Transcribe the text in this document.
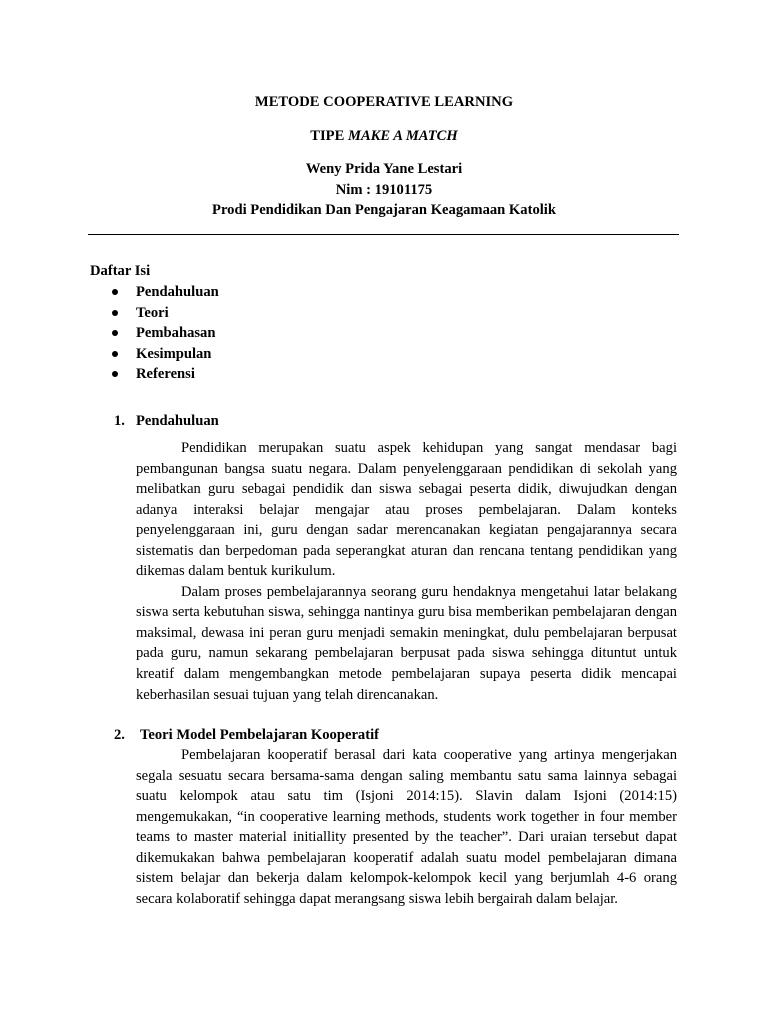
METODE COOPERATIVE LEARNING
TIPE MAKE A MATCH
Weny Prida Yane Lestari
Nim : 19101175
Prodi Pendidikan Dan Pengajaran Keagamaan Katolik
Daftar Isi
Pendahuluan
Teori
Pembahasan
Kesimpulan
Referensi
1. Pendahuluan

Pendidikan merupakan suatu aspek kehidupan yang sangat mendasar bagi pembangunan bangsa suatu negara. Dalam penyelenggaraan pendidikan di sekolah yang melibatkan guru sebagai pendidik dan siswa sebagai peserta didik, diwujudkan dengan adanya interaksi belajar mengajar atau proses pembelajaran. Dalam konteks penyelenggaraan ini, guru dengan sadar merencanakan kegiatan pengajarannya secara sistematis dan berpedoman pada seperangkat aturan dan rencana tentang pendidikan yang dikemas dalam bentuk kurikulum.

Dalam proses pembelajarannya seorang guru hendaknya mengetahui latar belakang siswa serta kebutuhan siswa, sehingga nantinya guru bisa memberikan pembelajaran dengan maksimal, dewasa ini peran guru menjadi semakin meningkat, dulu pembelajaran berpusat pada guru, namun sekarang pembelajaran berpusat pada siswa sehingga dituntut untuk kreatif dalam mengembangkan metode pembelajaran supaya peserta didik mencapai keberhasilan sesuai tujuan yang telah direncanakan.

2. Teori Model Pembelajaran Kooperatif

Pembelajaran kooperatif berasal dari kata cooperative yang artinya mengerjakan segala sesuatu secara bersama-sama dengan saling membantu satu sama lainnya sebagai suatu kelompok atau satu tim (Isjoni 2014:15). Slavin dalam Isjoni (2014:15) mengemukakan, “in cooperative learning methods, students work together in four member teams to master material initiallity presented by the teacher”. Dari uraian tersebut dapat dikemukakan bahwa pembelajaran kooperatif adalah suatu model pembelajaran dimana sistem belajar dan bekerja dalam kelompok-kelompok kecil yang berjumlah 4-6 orang secara kolaboratif sehingga dapat merangsang siswa lebih bergairah dalam belajar.
